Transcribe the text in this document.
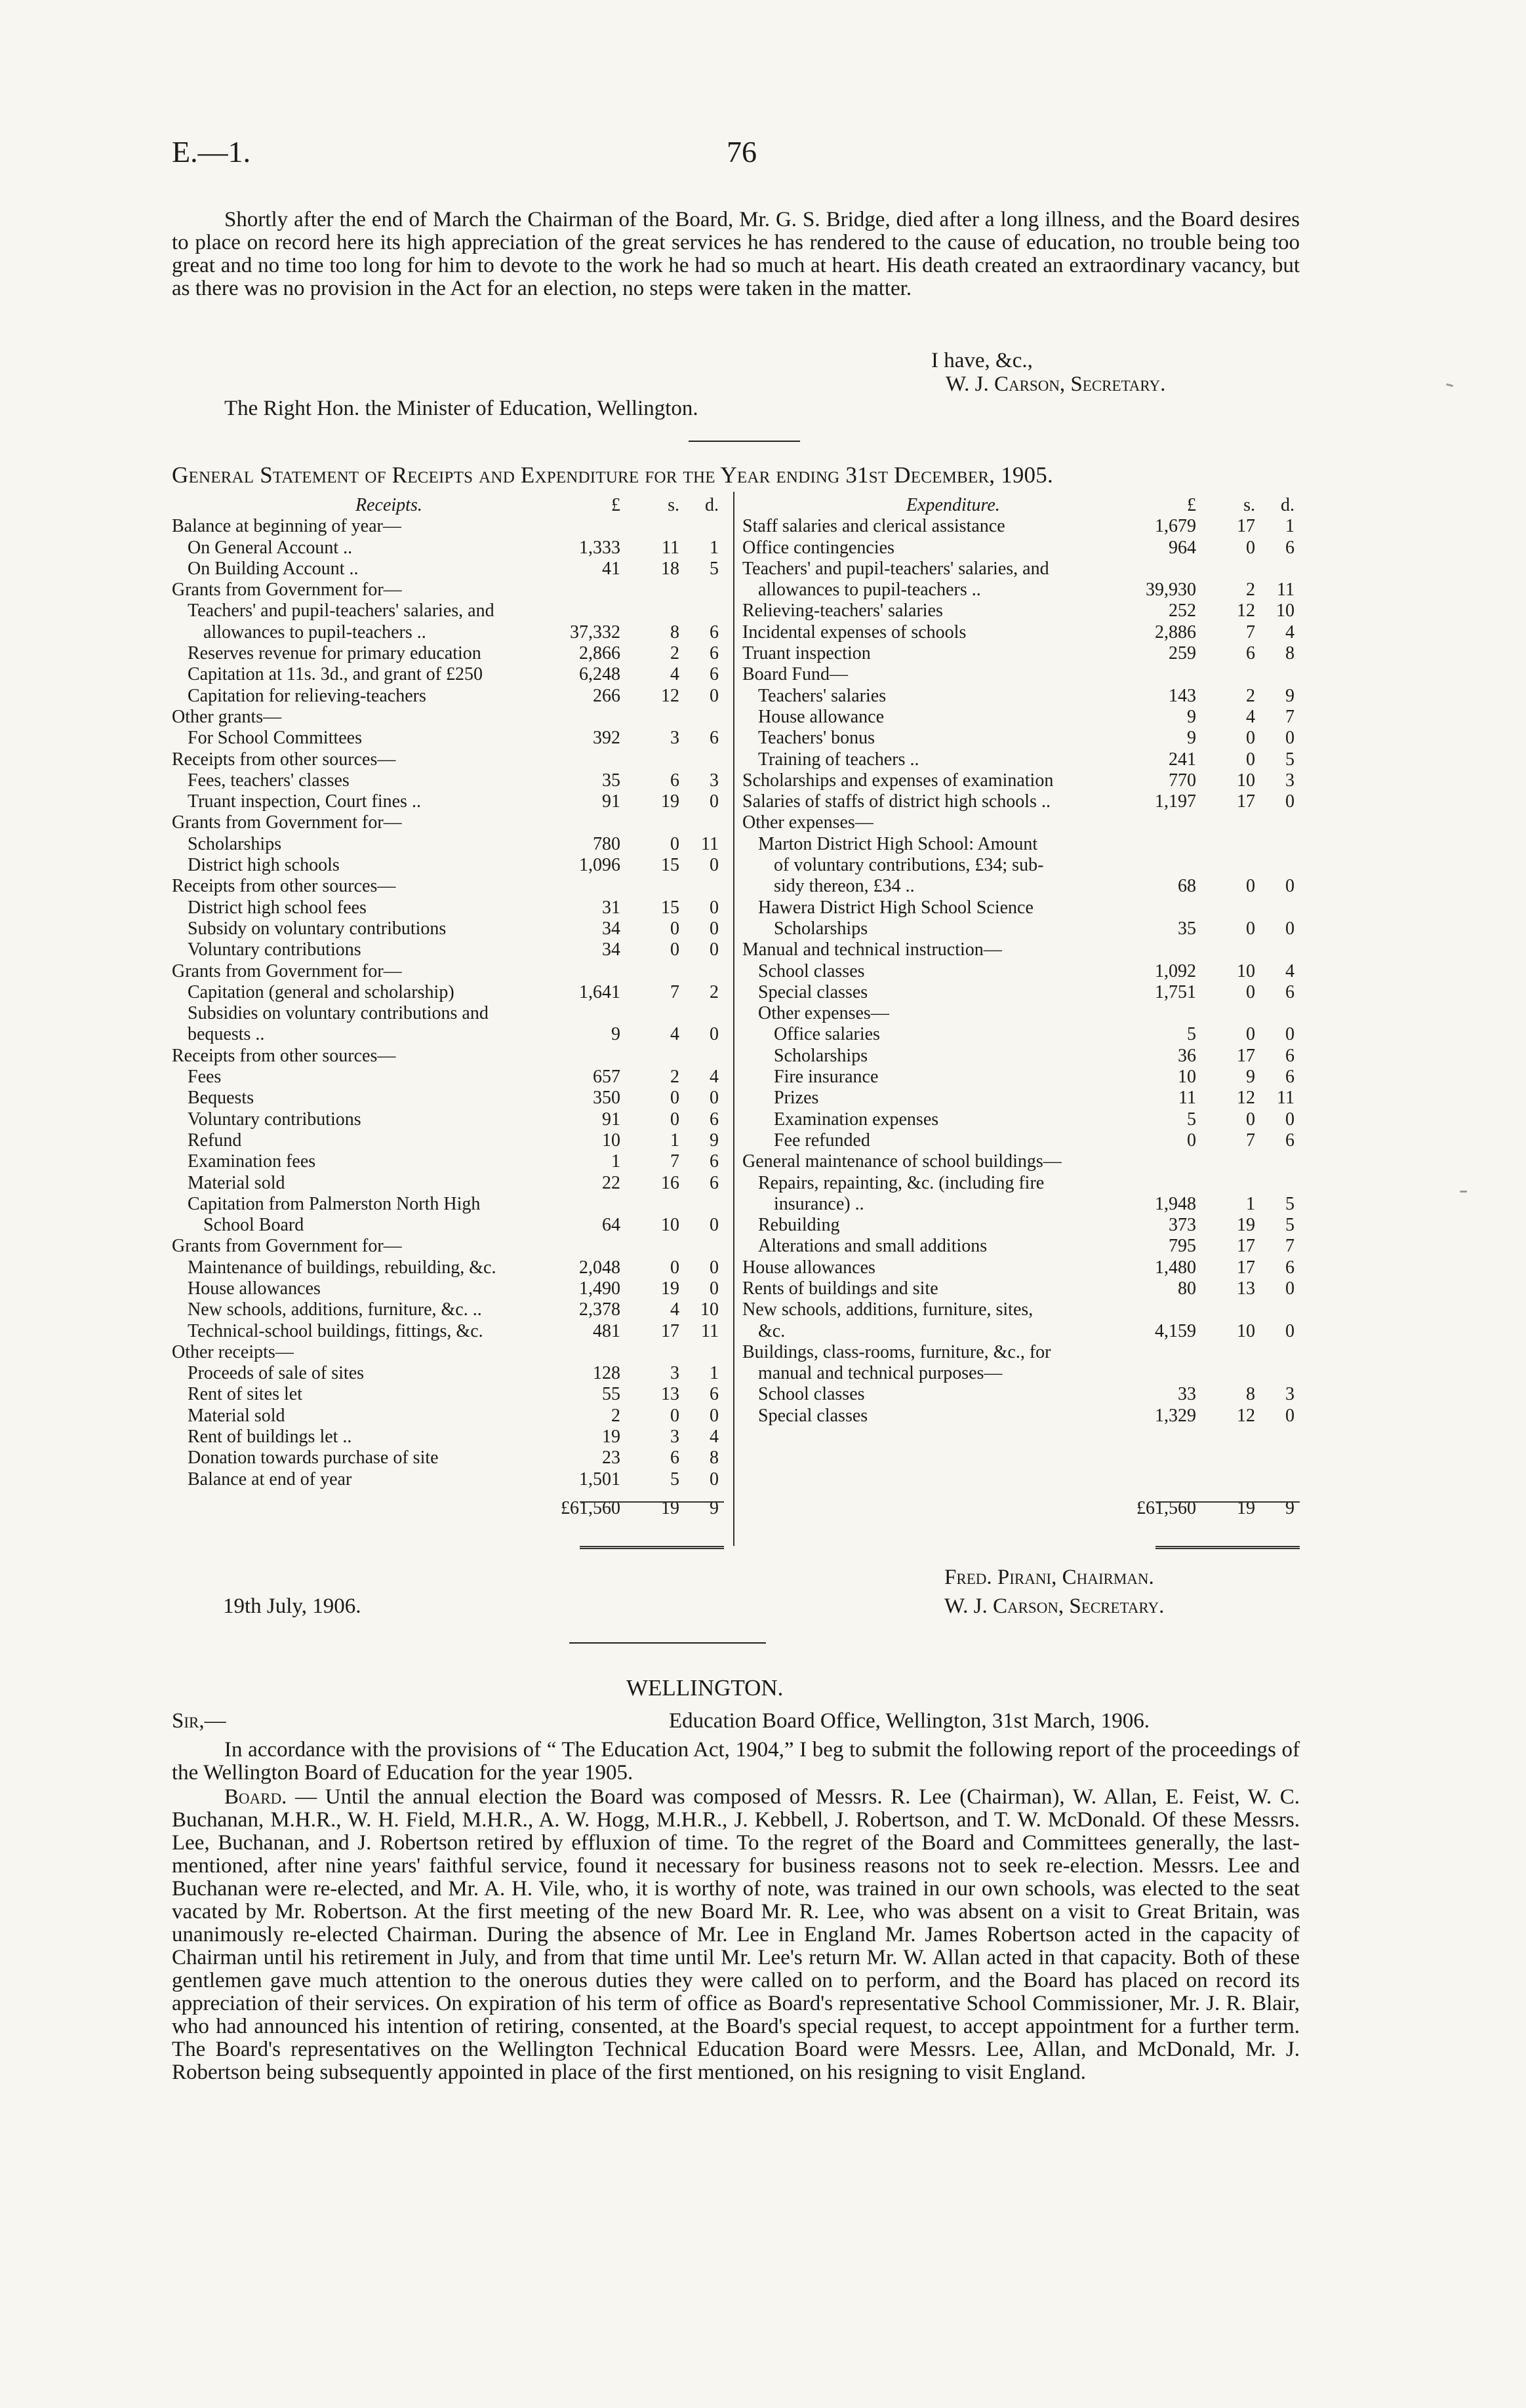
E.—1.	76
Shortly after the end of March the Chairman of the Board, Mr. G. S. Bridge, died after a long illness, and the Board desires to place on record here its high appreciation of the great services he has rendered to the cause of education, no trouble being too great and no time too long for him to devote to the work he had so much at heart. His death created an extraordinary vacancy, but as there was no provision in the Act for an election, no steps were taken in the matter.
I have, &c.,
W. J. Carson, Secretary.
The Right Hon. the Minister of Education, Wellington.
General Statement of Receipts and Expenditure for the Year ending 31st December, 1905.
Receipts.	£	s.	d.
Balance at beginning of year—
On General Account ..	1,333	11	1
On Building Account ..	41	18	5
Grants from Government for—
Teachers' and pupil-teachers' salaries, and
allowances to pupil-teachers ..	37,332	8	6
Reserves revenue for primary education	2,866	2	6
Capitation at 11s. 3d., and grant of £250	6,248	4	6
Capitation for relieving-teachers	266	12	0
Other grants—
For School Committees	392	3	6
Receipts from other sources—
Fees, teachers' classes	35	6	3
Truant inspection, Court fines ..	91	19	0
Grants from Government for—
Scholarships	780	0	11
District high schools	1,096	15	0
Receipts from other sources—
District high school fees	31	15	0
Subsidy on voluntary contributions	34	0	0
Voluntary contributions	34	0	0
Grants from Government for—
Capitation (general and scholarship)	1,641	7	2
Subsidies on voluntary contributions and
bequests ..	9	4	0
Receipts from other sources—
Fees	657	2	4
Bequests	350	0	0
Voluntary contributions	91	0	6
Refund	10	1	9
Examination fees	1	7	6
Material sold	22	16	6
Capitation from Palmerston North High
School Board	64	10	0
Grants from Government for—
Maintenance of buildings, rebuilding, &c.	2,048	0	0
House allowances	1,490	19	0
New schools, additions, furniture, &c. ..	2,378	4	10
Technical-school buildings, fittings, &c.	481	17	11
Other receipts—
Proceeds of sale of sites	128	3	1
Rent of sites let	55	13	6
Material sold	2	0	0
Rent of buildings let ..	19	3	4
Donation towards purchase of site	23	6	8
Balance at end of year	1,501	5	0
£61,560	19	9
Expenditure.	£	s.	d.
Staff salaries and clerical assistance	1,679	17	1
Office contingencies	964	0	6
Teachers' and pupil-teachers' salaries, and
allowances to pupil-teachers ..	39,930	2	11
Relieving-teachers' salaries	252	12	10
Incidental expenses of schools	2,886	7	4
Truant inspection	259	6	8
Board Fund—
Teachers' salaries	143	2	9
House allowance	9	4	7
Teachers' bonus	9	0	0
Training of teachers ..	241	0	5
Scholarships and expenses of examination	770	10	3
Salaries of staffs of district high schools ..	1,197	17	0
Other expenses—
Marton District High School: Amount
of voluntary contributions, £34; sub-
sidy thereon, £34 ..	68	0	0
Hawera District High School Science
Scholarships	35	0	0
Manual and technical instruction—
School classes	1,092	10	4
Special classes	1,751	0	6
Other expenses—
Office salaries	5	0	0
Scholarships	36	17	6
Fire insurance	10	9	6
Prizes	11	12	11
Examination expenses	5	0	0
Fee refunded	0	7	6
General maintenance of school buildings—
Repairs, repainting, &c. (including fire
insurance) ..	1,948	1	5
Rebuilding	373	19	5
Alterations and small additions	795	17	7
House allowances	1,480	17	6
Rents of buildings and site	80	13	0
New schools, additions, furniture, sites,
&c.	4,159	10	0
Buildings, class-rooms, furniture, &c., for
manual and technical purposes—
School classes	33	8	3
Special classes	1,329	12	0
£61,560	19	9
19th July, 1906.
Fred. Pirani, Chairman.
W. J. Carson, Secretary.
WELLINGTON.
Sir,—	Education Board Office, Wellington, 31st March, 1906.
In accordance with the provisions of “ The Education Act, 1904,” I beg to submit the following report of the proceedings of the Wellington Board of Education for the year 1905.
Board. — Until the annual election the Board was composed of Messrs. R. Lee (Chairman), W. Allan, E. Feist, W. C. Buchanan, M.H.R., W. H. Field, M.H.R., A. W. Hogg, M.H.R., J. Kebbell, J. Robertson, and T. W. McDonald. Of these Messrs. Lee, Buchanan, and J. Robertson retired by effluxion of time. To the regret of the Board and Committees generally, the last-mentioned, after nine years' faithful service, found it necessary for business reasons not to seek re-election. Messrs. Lee and Buchanan were re-elected, and Mr. A. H. Vile, who, it is worthy of note, was trained in our own schools, was elected to the seat vacated by Mr. Robertson. At the first meeting of the new Board Mr. R. Lee, who was absent on a visit to Great Britain, was unanimously re-elected Chairman. During the absence of Mr. Lee in England Mr. James Robertson acted in the capacity of Chairman until his retirement in July, and from that time until Mr. Lee's return Mr. W. Allan acted in that capacity. Both of these gentlemen gave much attention to the onerous duties they were called on to perform, and the Board has placed on record its appreciation of their services. On expiration of his term of office as Board's representative School Commissioner, Mr. J. R. Blair, who had announced his intention of retiring, consented, at the Board's special request, to accept appointment for a further term. The Board's representatives on the Wellington Technical Education Board were Messrs. Lee, Allan, and McDonald, Mr. J. Robertson being subsequently appointed in place of the first mentioned, on his resigning to visit England.
-
-
